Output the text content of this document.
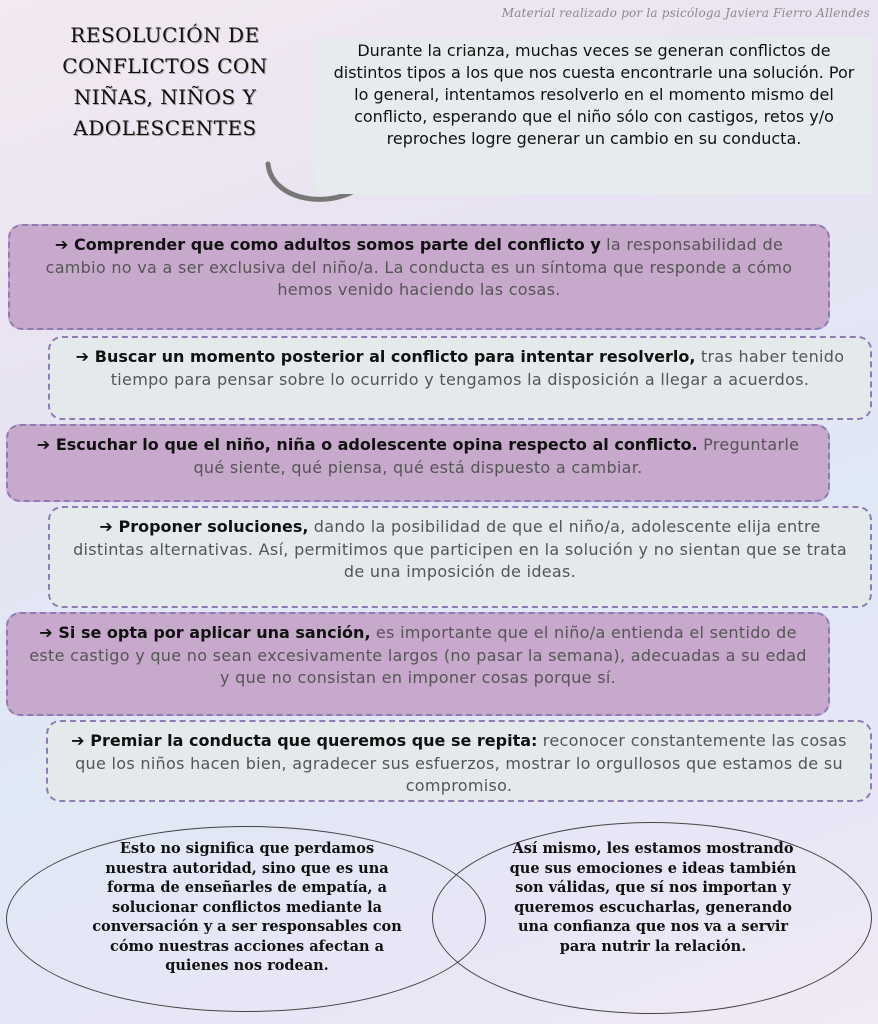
Material realizado por la psicóloga Javiera Fierro Allendes
RESOLUCIÓN DE CONFLICTOS CON NIÑAS, NIÑOS Y ADOLESCENTES
Durante la crianza, muchas veces se generan conflictos de distintos tipos a los que nos cuesta encontrarle una solución. Por lo general, intentamos resolverlo en el momento mismo del conflicto, esperando que el niño sólo con castigos, retos y/o reproches logre generar un cambio en su conducta.
➔ Comprender que como adultos somos parte del conflicto y la responsabilidad de cambio no va a ser exclusiva del niño/a. La conducta es un síntoma que responde a cómo hemos venido haciendo las cosas.
➔ Buscar un momento posterior al conflicto para intentar resolverlo, tras haber tenido tiempo para pensar sobre lo ocurrido y tengamos la disposición a llegar a acuerdos.
➔ Escuchar lo que el niño, niña o adolescente opina respecto al conflicto. Preguntarle qué siente, qué piensa, qué está dispuesto a cambiar.
➔ Proponer soluciones, dando la posibilidad de que el niño/a, adolescente elija entre distintas alternativas. Así, permitimos que participen en la solución y no sientan que se trata de una imposición de ideas.
➔ Si se opta por aplicar una sanción, es importante que el niño/a entienda el sentido de este castigo y que no sean excesivamente largos (no pasar la semana), adecuadas a su edad y que no consistan en imponer cosas porque sí.
➔ Premiar la conducta que queremos que se repita: reconocer constantemente las cosas que los niños hacen bien, agradecer sus esfuerzos, mostrar lo orgullosos que estamos de su compromiso.
Esto no significa que perdamos nuestra autoridad, sino que es una forma de enseñarles de empatía, a solucionar conflictos mediante la conversación y a ser responsables con cómo nuestras acciones afectan a quienes nos rodean.
Así mismo, les estamos mostrando que sus emociones e ideas también son válidas, que sí nos importan y queremos escucharlas, generando una confianza que nos va a servir para nutrir la relación.
